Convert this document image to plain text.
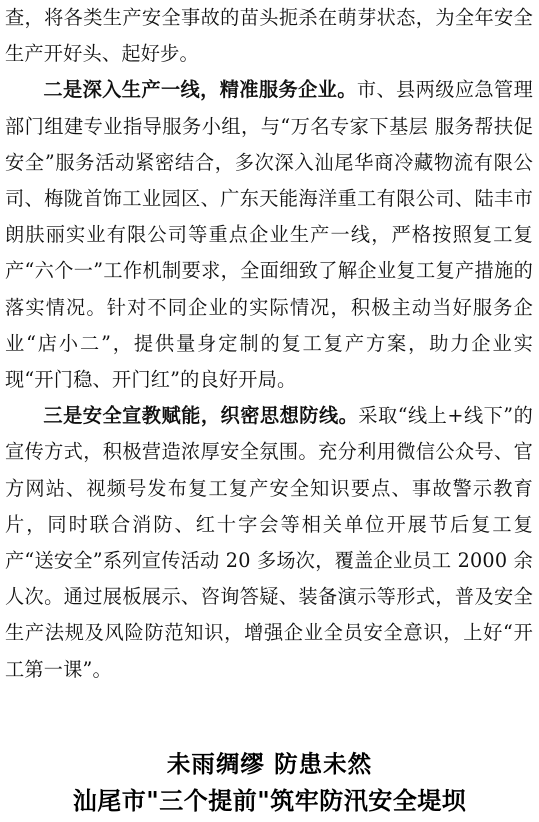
查，将各类生产安全事故的苗头扼杀在萌芽状态，为全年安全生产开好头、起好步。

二是深入生产一线，精准服务企业。市、县两级应急管理部门组建专业指导服务小组，与“万名专家下基层 服务帮扶促安全”服务活动紧密结合，多次深入汕尾华商冷藏物流有限公司、梅陇首饰工业园区、广东天能海洋重工有限公司、陆丰市朗肤丽实业有限公司等重点企业生产一线，严格按照复工复产“六个一”工作机制要求，全面细致了解企业复工复产措施的落实情况。针对不同企业的实际情况，积极主动当好服务企业“店小二”，提供量身定制的复工复产方案，助力企业实现“开门稳、开门红”的良好开局。

三是安全宣教赋能，织密思想防线。采取“线上+线下”的宣传方式，积极营造浓厚安全氛围。充分利用微信公众号、官方网站、视频号发布复工复产安全知识要点、事故警示教育片，同时联合消防、红十字会等相关单位开展节后复工复产“送安全”系列宣传活动 20 多场次，覆盖企业员工 2000 余人次。通过展板展示、咨询答疑、装备演示等形式，普及安全生产法规及风险防范知识，增强企业全员安全意识，上好“开工第一课”。

未雨绸缪 防患未然
汕尾市"三个提前"筑牢防汛安全堤坝
